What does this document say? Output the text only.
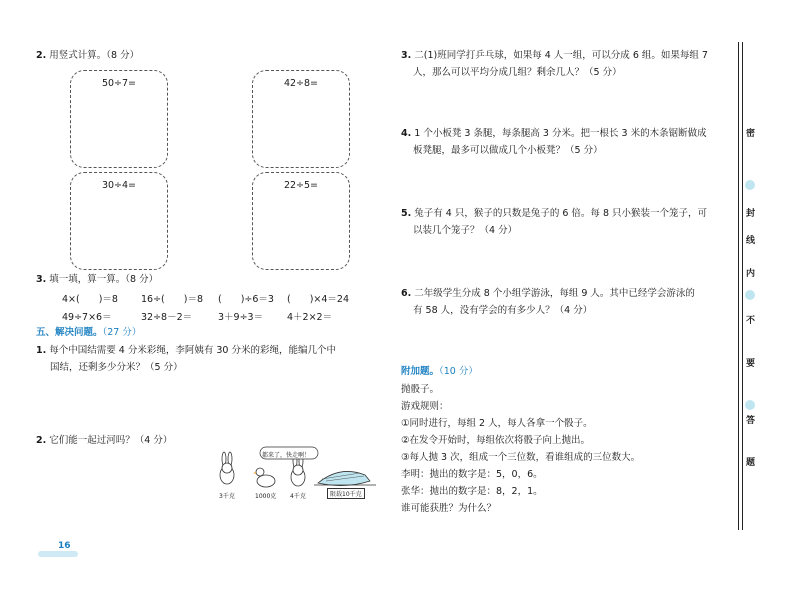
2. 用竖式计算。（8 分）
50÷7=	42÷8=
30÷4=	22÷5=
3. 填一填，算一算。（8 分）
4×(　　)＝8 16÷(　　)＝8 (　　)÷6＝3 (　　)×4＝24
49÷7×6＝	32÷8－2＝	3＋9÷3＝	4＋2×2＝
五、解决问题。（27 分）
1. 每个中国结需要 4 分米彩绳，李阿姨有 30 分米的彩绳，能编几个中
国结，还剩多少分米？（5 分）
2. 它们能一起过河吗？（4 分）
都来了，快走啊！
3千克	1000克 4千克	限载10千克
3. 二(1)班同学打乒乓球，如果每 4 人一组，可以分成 6 组。如果每组 7
人，那么可以平均分成几组？剩余几人？（5 分）
4. 1 个小板凳 3 条腿，每条腿高 3 分米。把一根长 3 米的木条锯断做成
板凳腿，最多可以做成几个小板凳？（5 分）
5. 兔子有 4 只，猴子的只数是兔子的 6 倍。每 8 只小猴装一个笼子，可
以装几个笼子？（4 分）
6. 二年级学生分成 8 个小组学游泳，每组 9 人。其中已经学会游泳的
有 58 人，没有学会的有多少人？（4 分）
附加题。（10 分）
抛骰子。
游戏规则：
①同时进行，每组 2 人，每人各拿一个骰子。
②在发令开始时，每组依次将骰子向上抛出。
③每人抛 3 次，组成一个三位数，看谁组成的三位数大。
李明：抛出的数字是：5，0，6。
张华：抛出的数字是：8，2，1。
谁可能获胜？为什么？
密
封
线
内
不
要
答
题
16
